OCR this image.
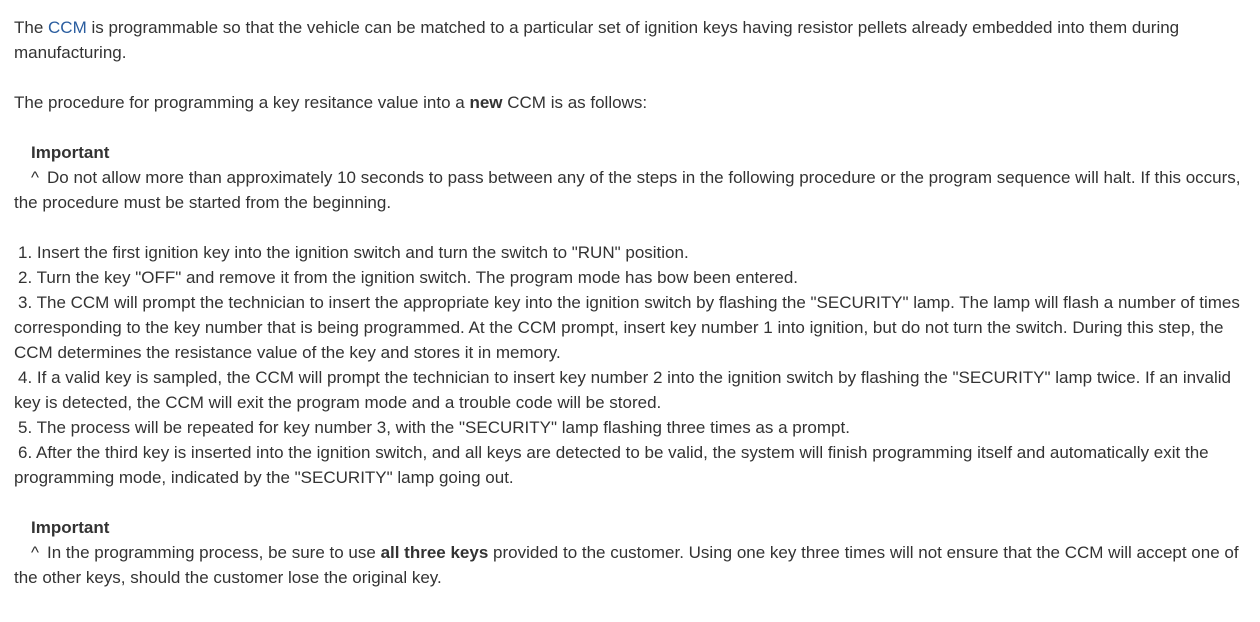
The CCM is programmable so that the vehicle can be matched to a particular set of ignition keys having resistor pellets already embedded into them during manufacturing.

The procedure for programming a key resitance value into a new CCM is as follows:

Important

^ Do not allow more than approximately 10 seconds to pass between any of the steps in the following procedure or the program sequence will halt. If this occurs, the procedure must be started from the beginning.

1. Insert the first ignition key into the ignition switch and turn the switch to "RUN" position.

2. Turn the key "OFF" and remove it from the ignition switch. The program mode has bow been entered.

3. The CCM will prompt the technician to insert the appropriate key into the ignition switch by flashing the "SECURITY" lamp. The lamp will flash a number of times corresponding to the key number that is being programmed. At the CCM prompt, insert key number 1 into ignition, but do not turn the switch. During this step, the CCM determines the resistance value of the key and stores it in memory.

4. If a valid key is sampled, the CCM will prompt the technician to insert key number 2 into the ignition switch by flashing the "SECURITY" lamp twice. If an invalid key is detected, the CCM will exit the program mode and a trouble code will be stored.

5. The process will be repeated for key number 3, with the "SECURITY" lamp flashing three times as a prompt.

6. After the third key is inserted into the ignition switch, and all keys are detected to be valid, the system will finish programming itself and automatically exit the programming mode, indicated by the "SECURITY" lamp going out.

Important

^ In the programming process, be sure to use all three keys provided to the customer. Using one key three times will not ensure that the CCM will accept one of the other keys, should the customer lose the original key.
